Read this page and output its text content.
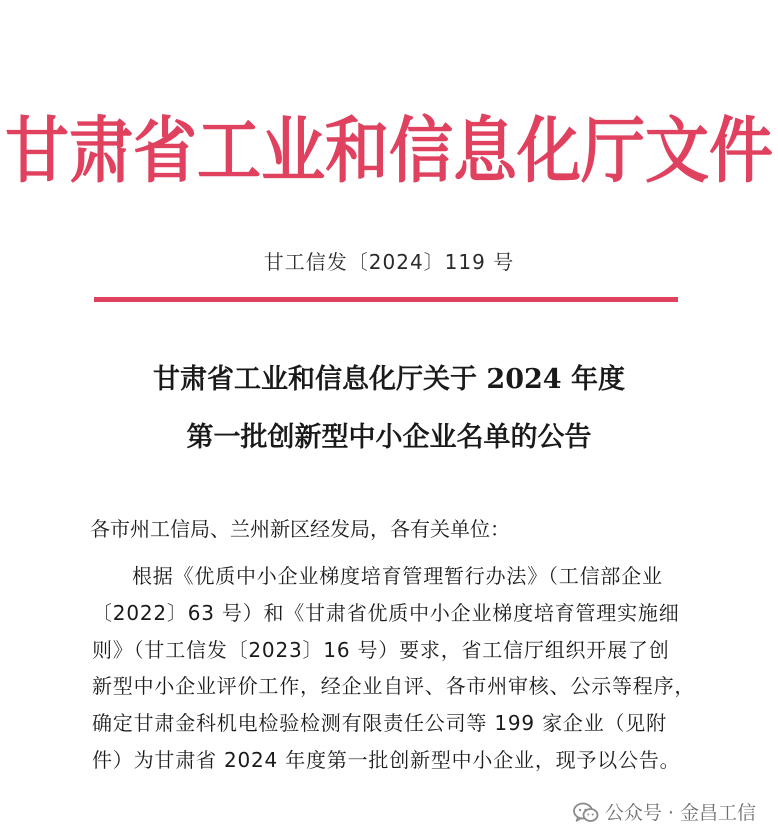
甘肃省工业和信息化厅文件
甘工信发〔2024〕119 号
甘肃省工业和信息化厅关于 2024 年度
第一批创新型中小企业名单的公告
各市州工信局、兰州新区经发局，各有关单位：
根据《优质中小企业梯度培育管理暂行办法》（工信部企业
〔2022〕63 号）和《甘肃省优质中小企业梯度培育管理实施细
则》（甘工信发〔2023〕16 号）要求，省工信厅组织开展了创
新型中小企业评价工作，经企业自评、各市州审核、公示等程序，
确定甘肃金科机电检验检测有限责任公司等 199 家企业（见附
件）为甘肃省 2024 年度第一批创新型中小企业，现予以公告。
公众号 · 金昌工信
